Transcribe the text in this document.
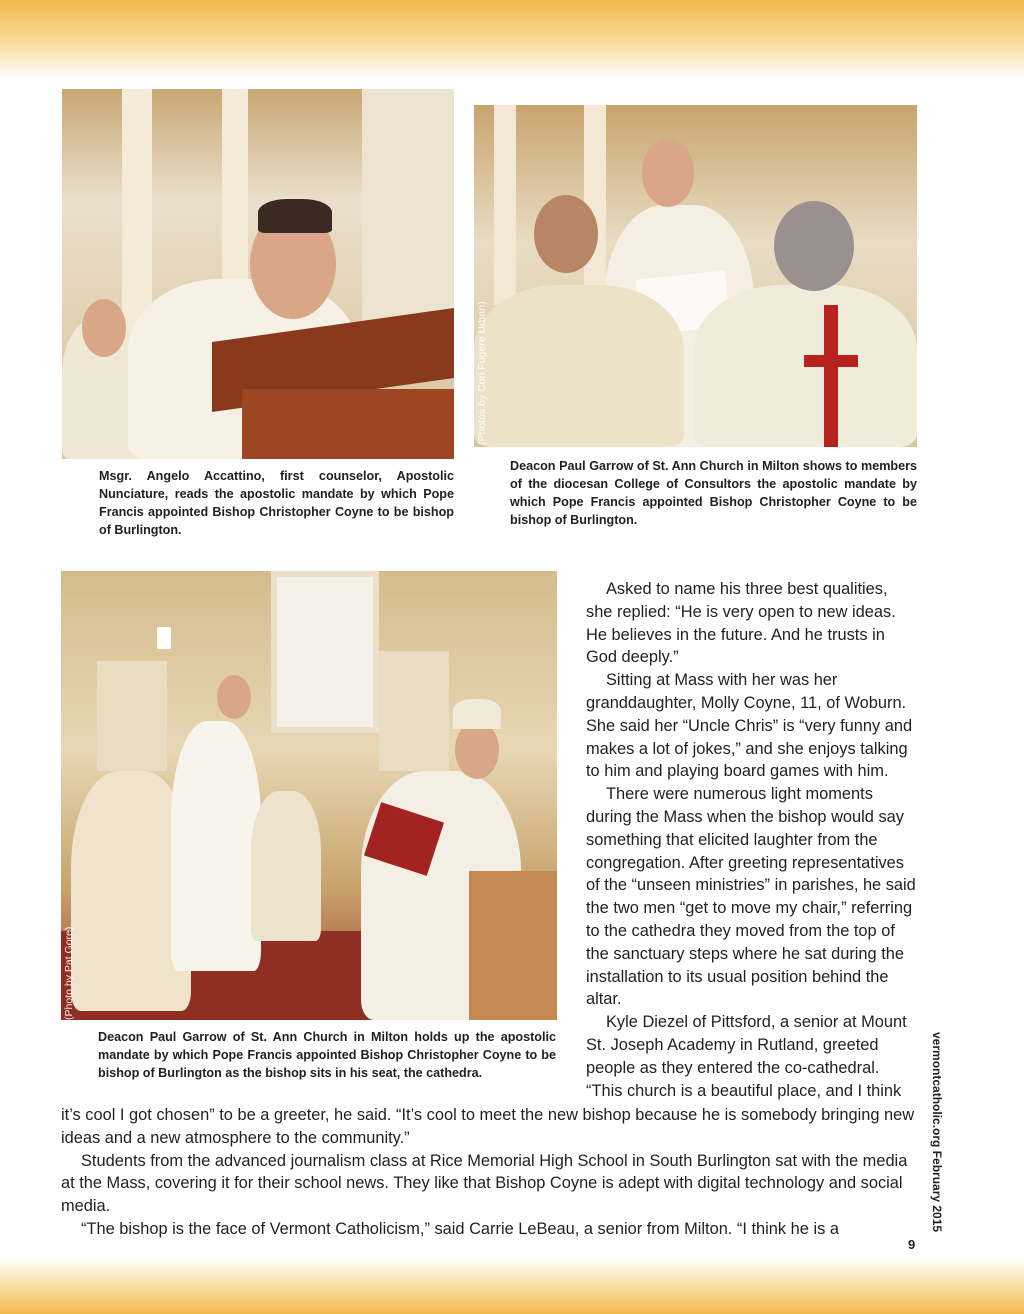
(Photos by Cori Fugere Urban)
Msgr. Angelo Accattino, first counselor, Apostolic Nunciature, reads the apostolic mandate by which Pope Francis appointed Bishop Christopher Coyne to be bishop of Burlington.
Deacon Paul Garrow of St. Ann Church in Milton shows to members of the diocesan College of Consultors the apostolic mandate by which Pope Francis appointed Bishop Christopher Coyne to be bishop of Burlington.
(Photo by Pat Gore)
Deacon Paul Garrow of St. Ann Church in Milton holds up the apostolic mandate by which Pope Francis appointed Bishop Christopher Coyne to be bishop of Burlington as the bishop sits in his seat, the cathedra.

Asked to name his three best qualities, she replied: “He is very open to new ideas. He believes in the future. And he trusts in God deeply.”

Sitting at Mass with her was her granddaughter, Molly Coyne, 11, of Woburn. She said her “Uncle Chris” is “very funny and makes a lot of jokes,” and she enjoys talking to him and playing board games with him.

There were numerous light moments during the Mass when the bishop would say something that elicited laughter from the congregation. After greeting representatives of the “unseen ministries” in parishes, he said the two men “get to move my chair,” referring to the cathedra they moved from the top of the sanctuary steps where he sat during the installation to its usual position behind the altar.

Kyle Diezel of Pittsford, a senior at Mount St. Joseph Academy in Rutland, greeted people as they entered the co-cathedral. “This church is a beautiful place, and I think

it’s cool I got chosen” to be a greeter, he said. “It’s cool to meet the new bishop because he is somebody bringing new ideas and a new atmosphere to the community.”

Students from the advanced journalism class at Rice Memorial High School in South Burlington sat with the media at the Mass, covering it for their school news. They like that Bishop Coyne is adept with digital technology and social media.

“The bishop is the face of Vermont Catholicism,” said Carrie LeBeau, a senior from Milton. “I think he is a	vermontcatholic.org February 2015
9
